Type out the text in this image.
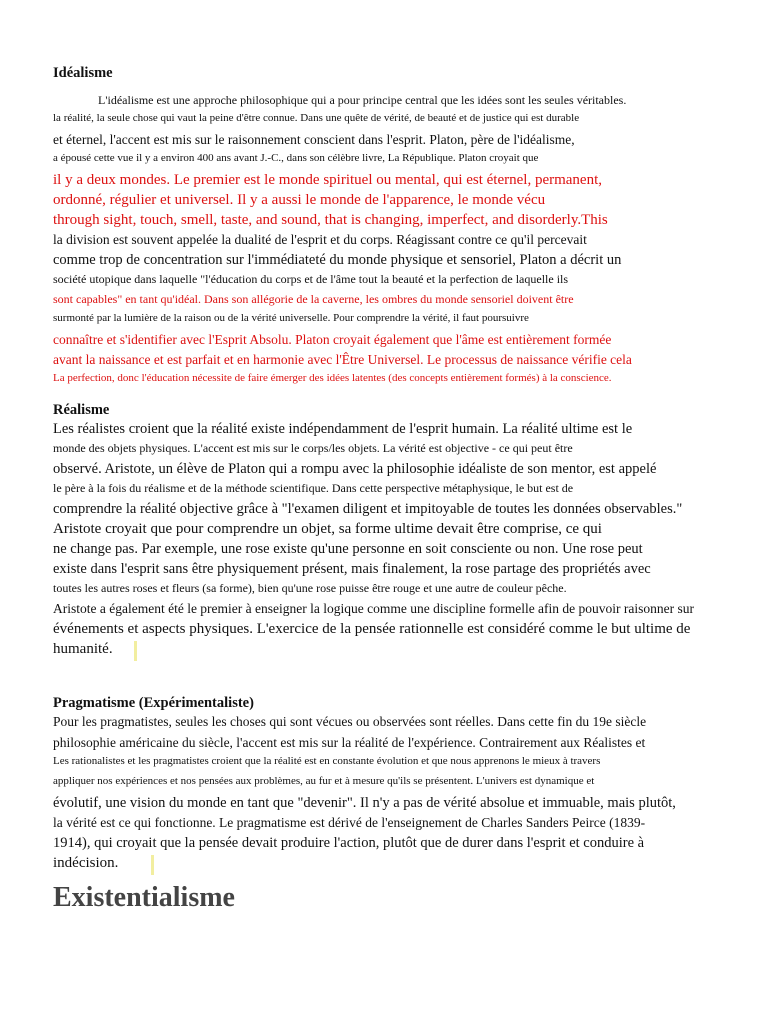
Idéalisme
L'idéalisme est une approche philosophique qui a pour principe central que les idées sont les seules véritables.
la réalité, la seule chose qui vaut la peine d'être connue. Dans une quête de vérité, de beauté et de justice qui est durable
et éternel, l'accent est mis sur le raisonnement conscient dans l'esprit. Platon, père de l'idéalisme,
a épousé cette vue il y a environ 400 ans avant J.-C., dans son célèbre livre, La République. Platon croyait que
il y a deux mondes. Le premier est le monde spirituel ou mental, qui est éternel, permanent,
ordonné, régulier et universel. Il y a aussi le monde de l'apparence, le monde vécu
through sight, touch, smell, taste, and sound, that is changing, imperfect, and disorderly.This
la division est souvent appelée la dualité de l'esprit et du corps. Réagissant contre ce qu'il percevait
comme trop de concentration sur l'immédiateté du monde physique et sensoriel, Platon a décrit un
société utopique dans laquelle "l'éducation du corps et de l'âme tout la beauté et la perfection de laquelle ils
sont capables" en tant qu'idéal. Dans son allégorie de la caverne, les ombres du monde sensoriel doivent être
surmonté par la lumière de la raison ou de la vérité universelle. Pour comprendre la vérité, il faut poursuivre
connaître et s'identifier avec l'Esprit Absolu. Platon croyait également que l'âme est entièrement formée
avant la naissance et est parfait et en harmonie avec l'Être Universel. Le processus de naissance vérifie cela
La perfection, donc l'éducation nécessite de faire émerger des idées latentes (des concepts entièrement formés) à la conscience.
Réalisme
Les réalistes croient que la réalité existe indépendamment de l'esprit humain. La réalité ultime est le
monde des objets physiques. L'accent est mis sur le corps/les objets. La vérité est objective - ce qui peut être
observé. Aristote, un élève de Platon qui a rompu avec la philosophie idéaliste de son mentor, est appelé
le père à la fois du réalisme et de la méthode scientifique. Dans cette perspective métaphysique, le but est de
comprendre la réalité objective grâce à "l'examen diligent et impitoyable de toutes les données observables."
Aristote croyait que pour comprendre un objet, sa forme ultime devait être comprise, ce qui
ne change pas. Par exemple, une rose existe qu'une personne en soit consciente ou non. Une rose peut
existe dans l'esprit sans être physiquement présent, mais finalement, la rose partage des propriétés avec
toutes les autres roses et fleurs (sa forme), bien qu'une rose puisse être rouge et une autre de couleur pêche.
Aristote a également été le premier à enseigner la logique comme une discipline formelle afin de pouvoir raisonner sur
événements et aspects physiques. L'exercice de la pensée rationnelle est considéré comme le but ultime de
humanité.
Pragmatisme (Expérimentaliste)
Pour les pragmatistes, seules les choses qui sont vécues ou observées sont réelles. Dans cette fin du 19e siècle
philosophie américaine du siècle, l'accent est mis sur la réalité de l'expérience. Contrairement aux Réalistes et
Les rationalistes et les pragmatistes croient que la réalité est en constante évolution et que nous apprenons le mieux à travers
appliquer nos expériences et nos pensées aux problèmes, au fur et à mesure qu'ils se présentent. L'univers est dynamique et
évolutif, une vision du monde en tant que "devenir". Il n'y a pas de vérité absolue et immuable, mais plutôt,
la vérité est ce qui fonctionne. Le pragmatisme est dérivé de l'enseignement de Charles Sanders Peirce (1839-
1914), qui croyait que la pensée devait produire l'action, plutôt que de durer dans l'esprit et conduire à
indécision.
Existentialisme
